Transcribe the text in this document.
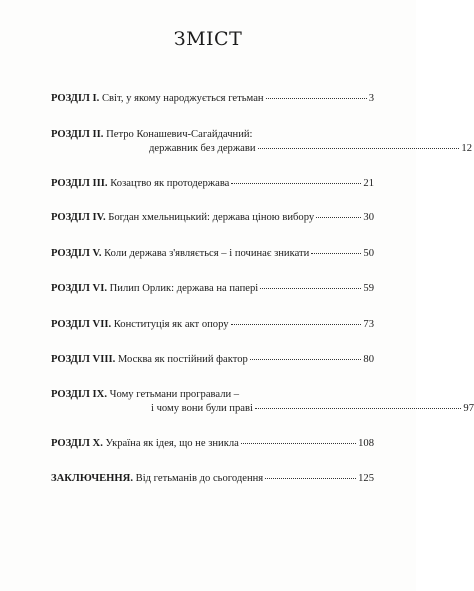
ЗМІСТ
РОЗДІЛ I. Світ, у якому народжується гетьман	3
РОЗДІЛ II. Петро Конашевич-Сагайдачний:
державник без держави	12
РОЗДІЛ III. Козацтво як протодержава	21
РОЗДІЛ IV. Богдан хмельницький: держава ціною вибору	30
РОЗДІЛ V. Коли держава з'являється – і починає зникати	50
РОЗДІЛ VI. Пилип Орлик: держава на папері	59
РОЗДІЛ VII. Конституція як акт опору	73
РОЗДІЛ VIII. Москва як постійний фактор	80
РОЗДІЛ IX. Чому гетьмани програвали –
і чому вони були праві	97
РОЗДІЛ X. Україна як ідея, що не зникла	108
ЗАКЛЮЧЕННЯ. Від гетьманів до сьогодення	125
